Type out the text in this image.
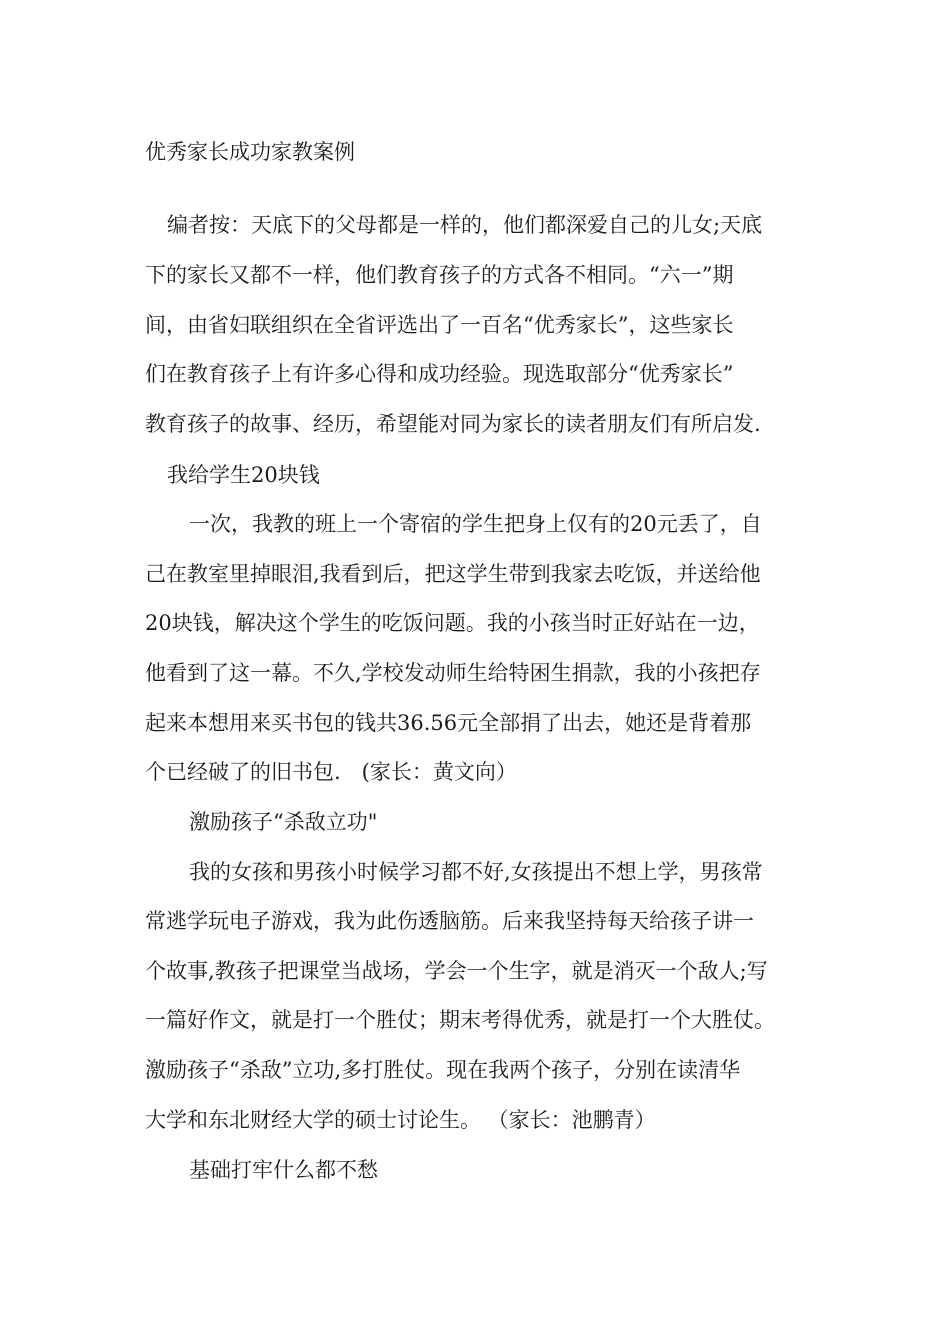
优秀家长成功家教案例
编者按：天底下的父母都是一样的，他们都深爱自己的儿女;天底
下的家长又都不一样，他们教育孩子的方式各不相同。“六一”期
间，由省妇联组织在全省评选出了一百名“优秀家长”，这些家长
们在教育孩子上有许多心得和成功经验。现选取部分“优秀家长”
教育孩子的故事、经历，希望能对同为家长的读者朋友们有所启发.
我给学生20块钱
一次，我教的班上一个寄宿的学生把身上仅有的20元丢了，自
己在教室里掉眼泪,我看到后，把这学生带到我家去吃饭，并送给他
20块钱，解决这个学生的吃饭问题。我的小孩当时正好站在一边，
他看到了这一幕。不久,学校发动师生给特困生捐款，我的小孩把存
起来本想用来买书包的钱共36.56元全部捐了出去，她还是背着那
个已经破了的旧书包.　(家长：黄文向）
激励孩子“杀敌立功"
我的女孩和男孩小时候学习都不好,女孩提出不想上学，男孩常
常逃学玩电子游戏，我为此伤透脑筋。后来我坚持每天给孩子讲一
个故事,教孩子把课堂当战场，学会一个生字，就是消灭一个敌人;写
一篇好作文，就是打一个胜仗；期末考得优秀，就是打一个大胜仗。
激励孩子“杀敌”立功,多打胜仗。现在我两个孩子，分别在读清华
大学和东北财经大学的硕士讨论生。 （家长：池鹏青）
基础打牢什么都不愁
